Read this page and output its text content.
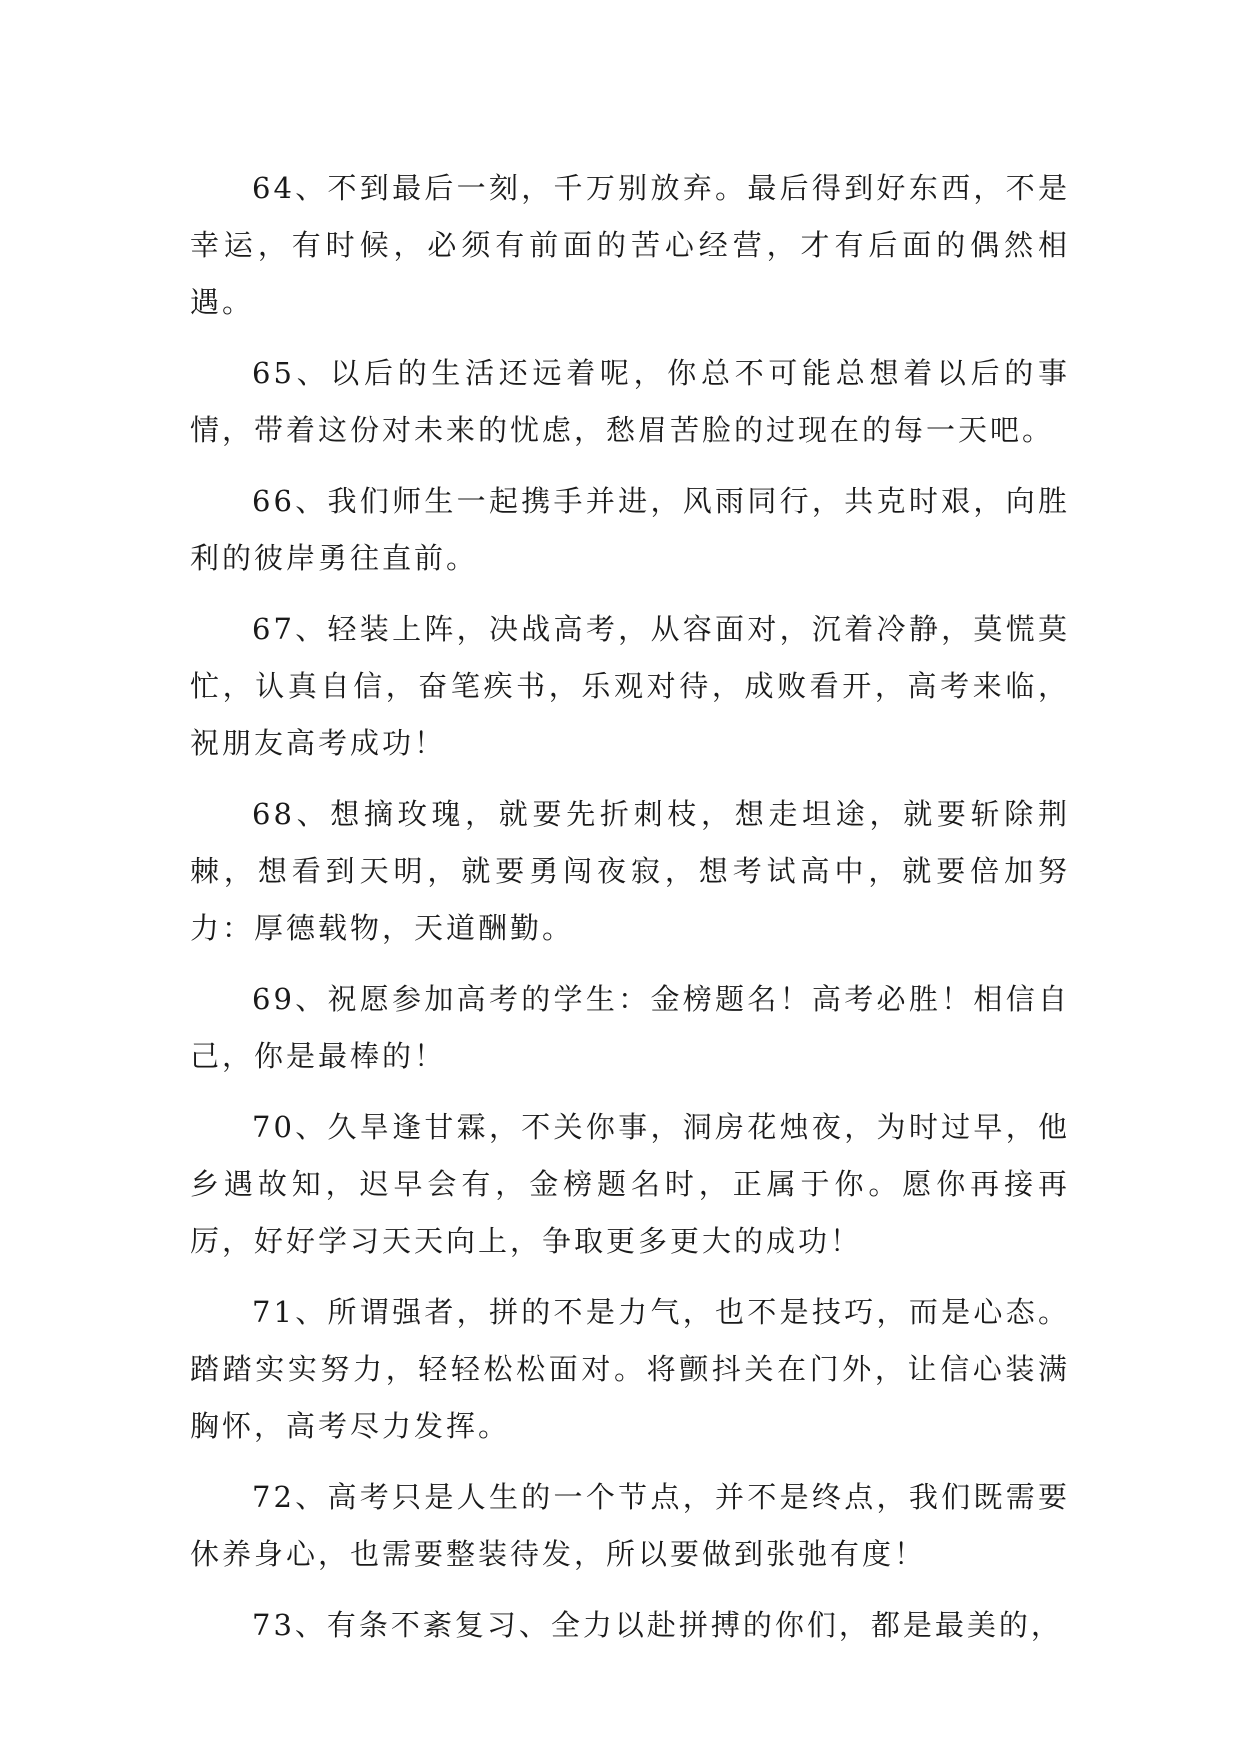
64、不到最后一刻，千万别放弃。最后得到好东西，不是幸运，有时候，必须有前面的苦心经营，才有后面的偶然相遇。

65、以后的生活还远着呢，你总不可能总想着以后的事情，带着这份对未来的忧虑，愁眉苦脸的过现在的每一天吧。

66、我们师生一起携手并进，风雨同行，共克时艰，向胜利的彼岸勇往直前。

67、轻装上阵，决战高考，从容面对，沉着冷静，莫慌莫忙，认真自信，奋笔疾书，乐观对待，成败看开，高考来临，祝朋友高考成功！

68、想摘玫瑰，就要先折刺枝，想走坦途，就要斩除荆棘，想看到天明，就要勇闯夜寂，想考试高中，就要倍加努力：厚德载物，天道酬勤。

69、祝愿参加高考的学生：金榜题名！高考必胜！相信自己，你是最棒的！

70、久旱逢甘霖，不关你事，洞房花烛夜，为时过早，他乡遇故知，迟早会有，金榜题名时，正属于你。愿你再接再厉，好好学习天天向上，争取更多更大的成功！

71、所谓强者，拼的不是力气，也不是技巧，而是心态。踏踏实实努力，轻轻松松面对。将颤抖关在门外，让信心装满胸怀，高考尽力发挥。

72、高考只是人生的一个节点，并不是终点，我们既需要休养身心，也需要整装待发，所以要做到张弛有度！

73、有条不紊复习、全力以赴拼搏的你们，都是最美的，
